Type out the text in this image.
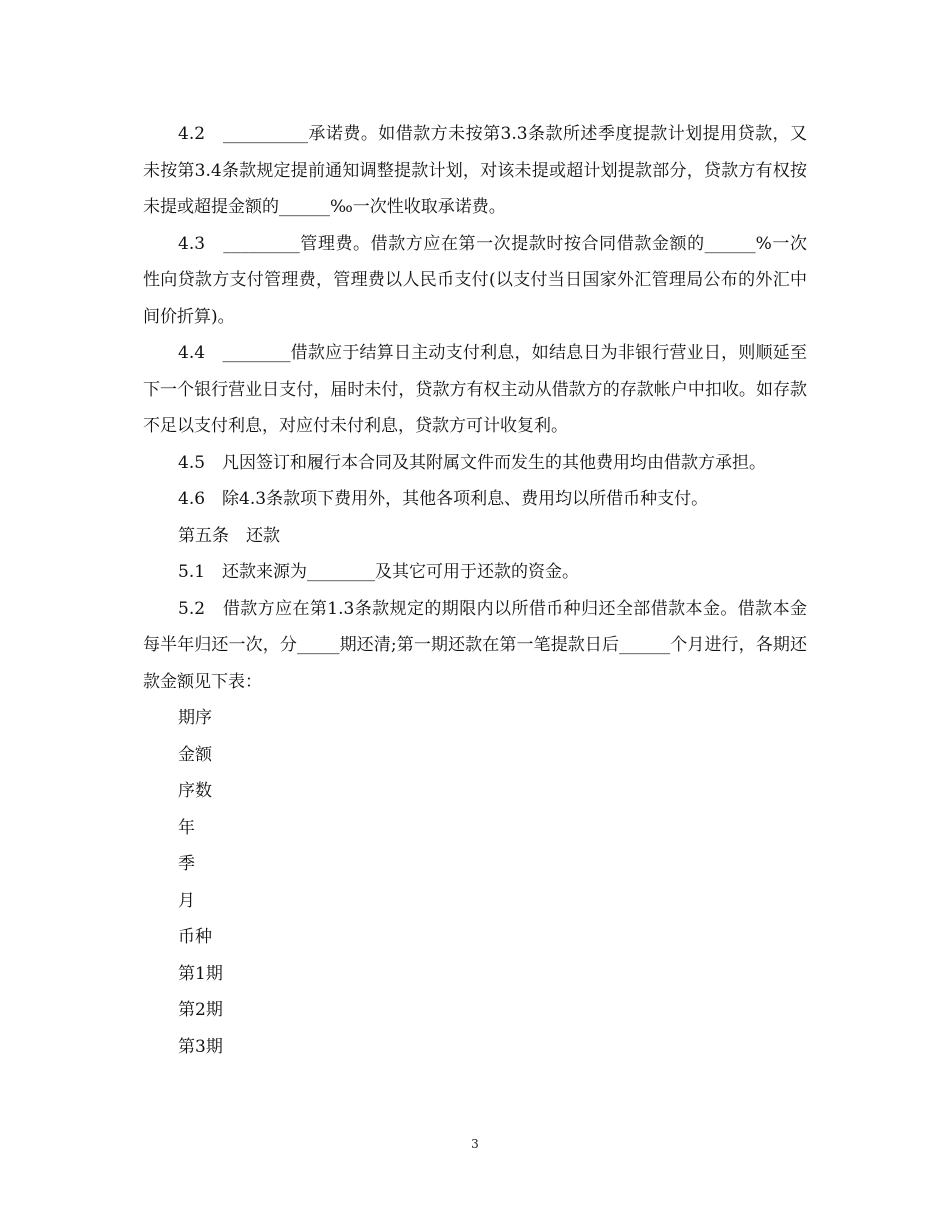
4.2　__________承诺费。如借款方未按第3.3条款所述季度提款计划提用贷款，又未按第3.4条款规定提前通知调整提款计划，对该未提或超计划提款部分，贷款方有权按未提或超提金额的______‰一次性收取承诺费。

4.3　_________管理费。借款方应在第一次提款时按合同借款金额的______%一次性向贷款方支付管理费，管理费以人民币支付(以支付当日国家外汇管理局公布的外汇中间价折算)。

4.4　________借款应于结算日主动支付利息，如结息日为非银行营业日，则顺延至下一个银行营业日支付，届时未付，贷款方有权主动从借款方的存款帐户中扣收。如存款不足以支付利息，对应付未付利息，贷款方可计收复利。

4.5　凡因签订和履行本合同及其附属文件而发生的其他费用均由借款方承担。

4.6　除4.3条款项下费用外，其他各项利息、费用均以所借币种支付。

第五条　还款

5.1　还款来源为________及其它可用于还款的资金。

5.2　借款方应在第1.3条款规定的期限内以所借币种归还全部借款本金。借款本金每半年归还一次，分_____期还清;第一期还款在第一笔提款日后______个月进行，各期还款金额见下表：

期序

金额

序数

年

季

月

币种

第1期

第2期

第3期

3
